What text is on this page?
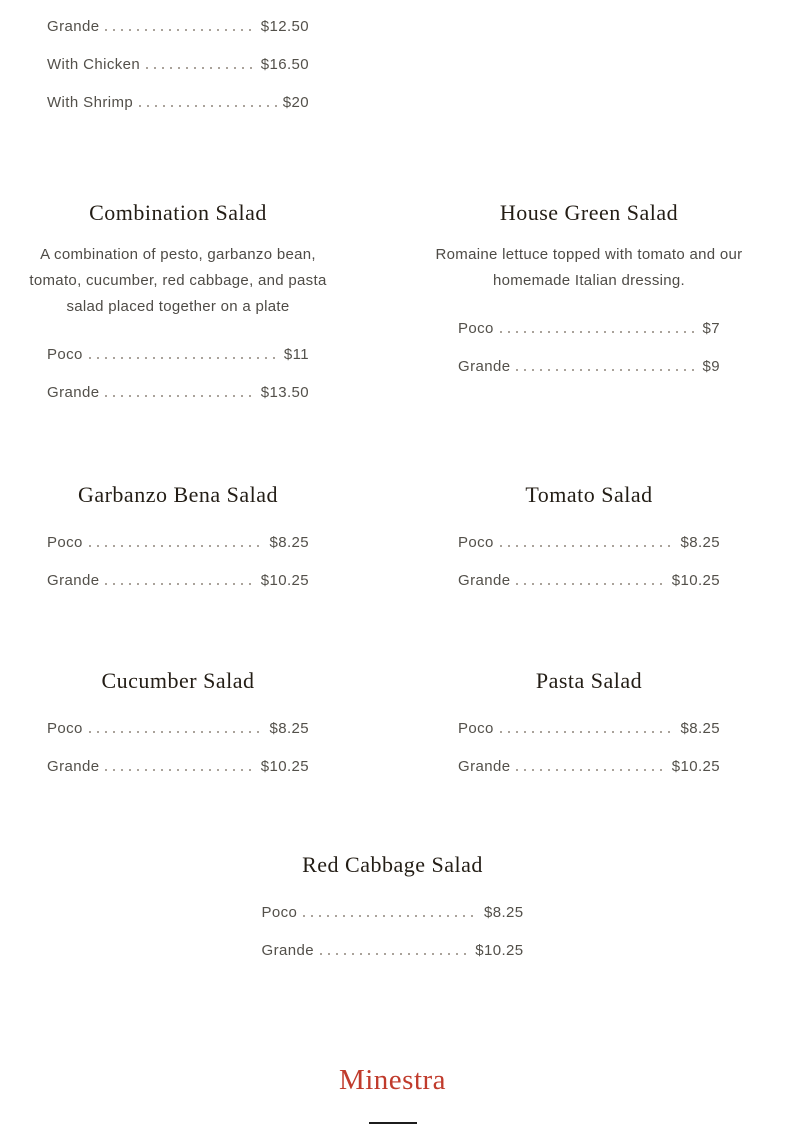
Grande	$12.50
With Chicken	$16.50
With Shrimp	$20
Combination Salad

A combination of pesto, garbanzo bean, tomato, cucumber, red cabbage, and pasta salad placed together on a plate

Poco	$11
Grande	$13.50
House Green Salad

Romaine lettuce topped with tomato and our homemade Italian dressing.

Poco	$7
Grande	$9
Garbanzo Bena Salad
Poco	$8.25
Grande	$10.25
Tomato Salad
Poco	$8.25
Grande	$10.25
Cucumber Salad
Poco	$8.25
Grande	$10.25
Pasta Salad
Poco	$8.25
Grande	$10.25
Red Cabbage Salad
Poco	$8.25
Grande	$10.25
Minestra
